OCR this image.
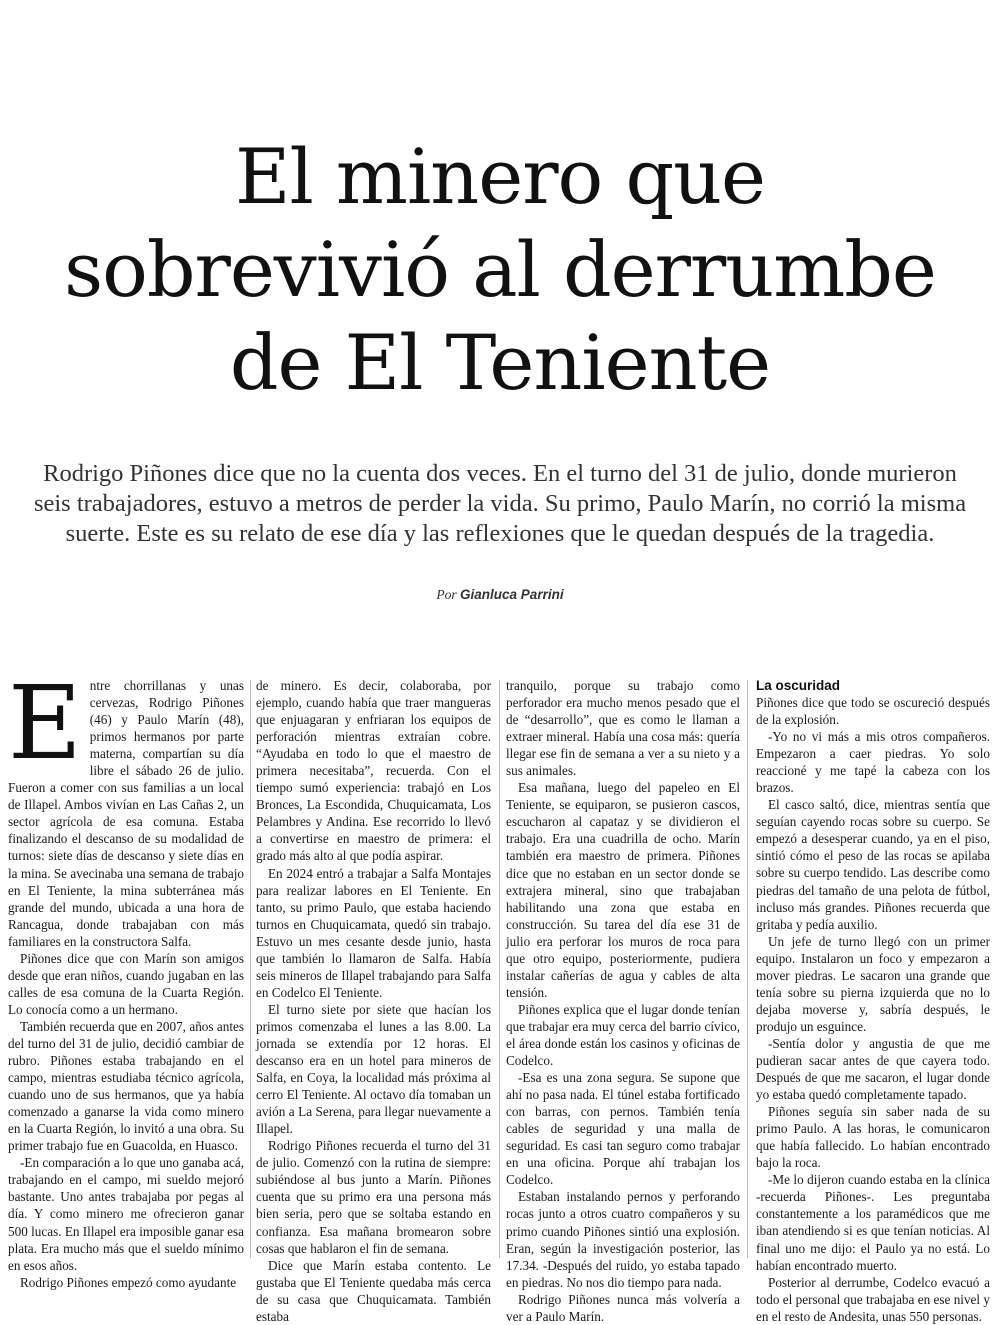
El minero que
sobrevivió al derrumbe
de El Teniente

Rodrigo Piñones dice que no la cuenta dos veces. En el turno del 31 de julio, donde murieron seis trabajadores, estuvo a metros de perder la vida. Su primo, Paulo Marín, no corrió la misma suerte. Este es su relato de ese día y las reflexiones que le quedan después de la tragedia.

Por Gianluca Parrini

Entre chorrillanas y unas cervezas, Rodrigo Piñones (46) y Paulo Marín (48), primos hermanos por parte materna, compartían su día libre el sábado 26 de julio. Fueron a comer con sus familias a un local de Illapel. Ambos vivían en Las Cañas 2, un sector agrícola de esa comuna. Estaba finalizando el descanso de su modalidad de turnos: siete días de descanso y siete días en la mina. Se avecinaba una semana de trabajo en El Teniente, la mina subterránea más grande del mundo, ubicada a una hora de Rancagua, donde trabajaban con más familiares en la constructora Salfa.

Piñones dice que con Marín son amigos desde que eran niños, cuando jugaban en las calles de esa comuna de la Cuarta Región. Lo conocía como a un hermano.

También recuerda que en 2007, años antes del turno del 31 de julio, decidió cambiar de rubro. Piñones estaba trabajando en el campo, mientras estudiaba técnico agrícola, cuando uno de sus hermanos, que ya había comenzado a ganarse la vida como minero en la Cuarta Región, lo invitó a una obra. Su primer trabajo fue en Guacolda, en Huasco.

-En comparación a lo que uno ganaba acá, trabajando en el campo, mi sueldo mejoró bastante. Uno antes trabajaba por pegas al día. Y como minero me ofrecieron ganar 500 lucas. En Illapel era imposible ganar esa plata. Era mucho más que el sueldo mínimo en esos años.

Rodrigo Piñones empezó como ayudante

de minero. Es decir, colaboraba, por ejemplo, cuando había que traer mangueras que enjuagaran y enfriaran los equipos de perforación mientras extraían cobre. “Ayudaba en todo lo que el maestro de primera necesitaba”, recuerda. Con el tiempo sumó experiencia: trabajó en Los Bronces, La Escondida, Chuquicamata, Los Pelambres y Andina. Ese recorrido lo llevó a convertirse en maestro de primera: el grado más alto al que podía aspirar.

En 2024 entró a trabajar a Salfa Montajes para realizar labores en El Teniente. En tanto, su primo Paulo, que estaba haciendo turnos en Chuquicamata, quedó sin trabajo. Estuvo un mes cesante desde junio, hasta que también lo llamaron de Salfa. Había seis mineros de Illapel trabajando para Salfa en Codelco El Teniente.

El turno siete por siete que hacían los primos comenzaba el lunes a las 8.00. La jornada se extendía por 12 horas. El descanso era en un hotel para mineros de Salfa, en Coya, la localidad más próxima al cerro El Teniente. Al octavo día tomaban un avión a La Serena, para llegar nuevamente a Illapel.

Rodrigo Piñones recuerda el turno del 31 de julio. Comenzó con la rutina de siempre: subiéndose al bus junto a Marín. Piñones cuenta que su primo era una persona más bien seria, pero que se soltaba estando en confianza. Esa mañana bromearon sobre cosas que hablaron el fin de semana.

Dice que Marín estaba contento. Le gustaba que El Teniente quedaba más cerca de su casa que Chuquicamata. También estaba

tranquilo, porque su trabajo como perforador era mucho menos pesado que el de “desarrollo”, que es como le llaman a extraer mineral. Había una cosa más: quería llegar ese fin de semana a ver a su nieto y a sus animales.

Esa mañana, luego del papeleo en El Teniente, se equiparon, se pusieron cascos, escucharon al capataz y se dividieron el trabajo. Era una cuadrilla de ocho. Marín también era maestro de primera. Piñones dice que no estaban en un sector donde se extrajera mineral, sino que trabajaban habilitando una zona que estaba en construcción. Su tarea del día ese 31 de julio era perforar los muros de roca para que otro equipo, posteriormente, pudiera instalar cañerías de agua y cables de alta tensión.

Piñones explica que el lugar donde tenían que trabajar era muy cerca del barrio cívico, el área donde están los casinos y oficinas de Codelco.

-Esa es una zona segura. Se supone que ahí no pasa nada. El túnel estaba fortificado con barras, con pernos. También tenía cables de seguridad y una malla de seguridad. Es casi tan seguro como trabajar en una oficina. Porque ahí trabajan los Codelco.

Estaban instalando pernos y perforando rocas junto a otros cuatro compañeros y su primo cuando Piñones sintió una explosión. Eran, según la investigación posterior, las 17.34. -Después del ruido, yo estaba tapado en piedras. No nos dio tiempo para nada.

Rodrigo Piñones nunca más volvería a ver a Paulo Marín.

La oscuridad

Piñones dice que todo se oscureció después de la explosión.

-Yo no vi más a mis otros compañeros. Empezaron a caer piedras. Yo solo reaccioné y me tapé la cabeza con los brazos.

El casco saltó, dice, mientras sentía que seguían cayendo rocas sobre su cuerpo. Se empezó a desesperar cuando, ya en el piso, sintió cómo el peso de las rocas se apilaba sobre su cuerpo tendido. Las describe como piedras del tamaño de una pelota de fútbol, incluso más grandes. Piñones recuerda que gritaba y pedía auxilio.

Un jefe de turno llegó con un primer equipo. Instalaron un foco y empezaron a mover piedras. Le sacaron una grande que tenía sobre su pierna izquierda que no lo dejaba moverse y, sabría después, le produjo un esguince.

-Sentía dolor y angustia de que me pudieran sacar antes de que cayera todo. Después de que me sacaron, el lugar donde yo estaba quedó completamente tapado.

Piñones seguía sin saber nada de su primo Paulo. A las horas, le comunicaron que había fallecido. Lo habían encontrado bajo la roca.

-Me lo dijeron cuando estaba en la clínica -recuerda Piñones-. Les preguntaba constantemente a los paramédicos que me iban atendiendo si es que tenían noticias. Al final uno me dijo: el Paulo ya no está. Lo habían encontrado muerto.

Posterior al derrumbe, Codelco evacuó a todo el personal que trabajaba en ese nivel y en el resto de Andesita, unas 550 personas.
